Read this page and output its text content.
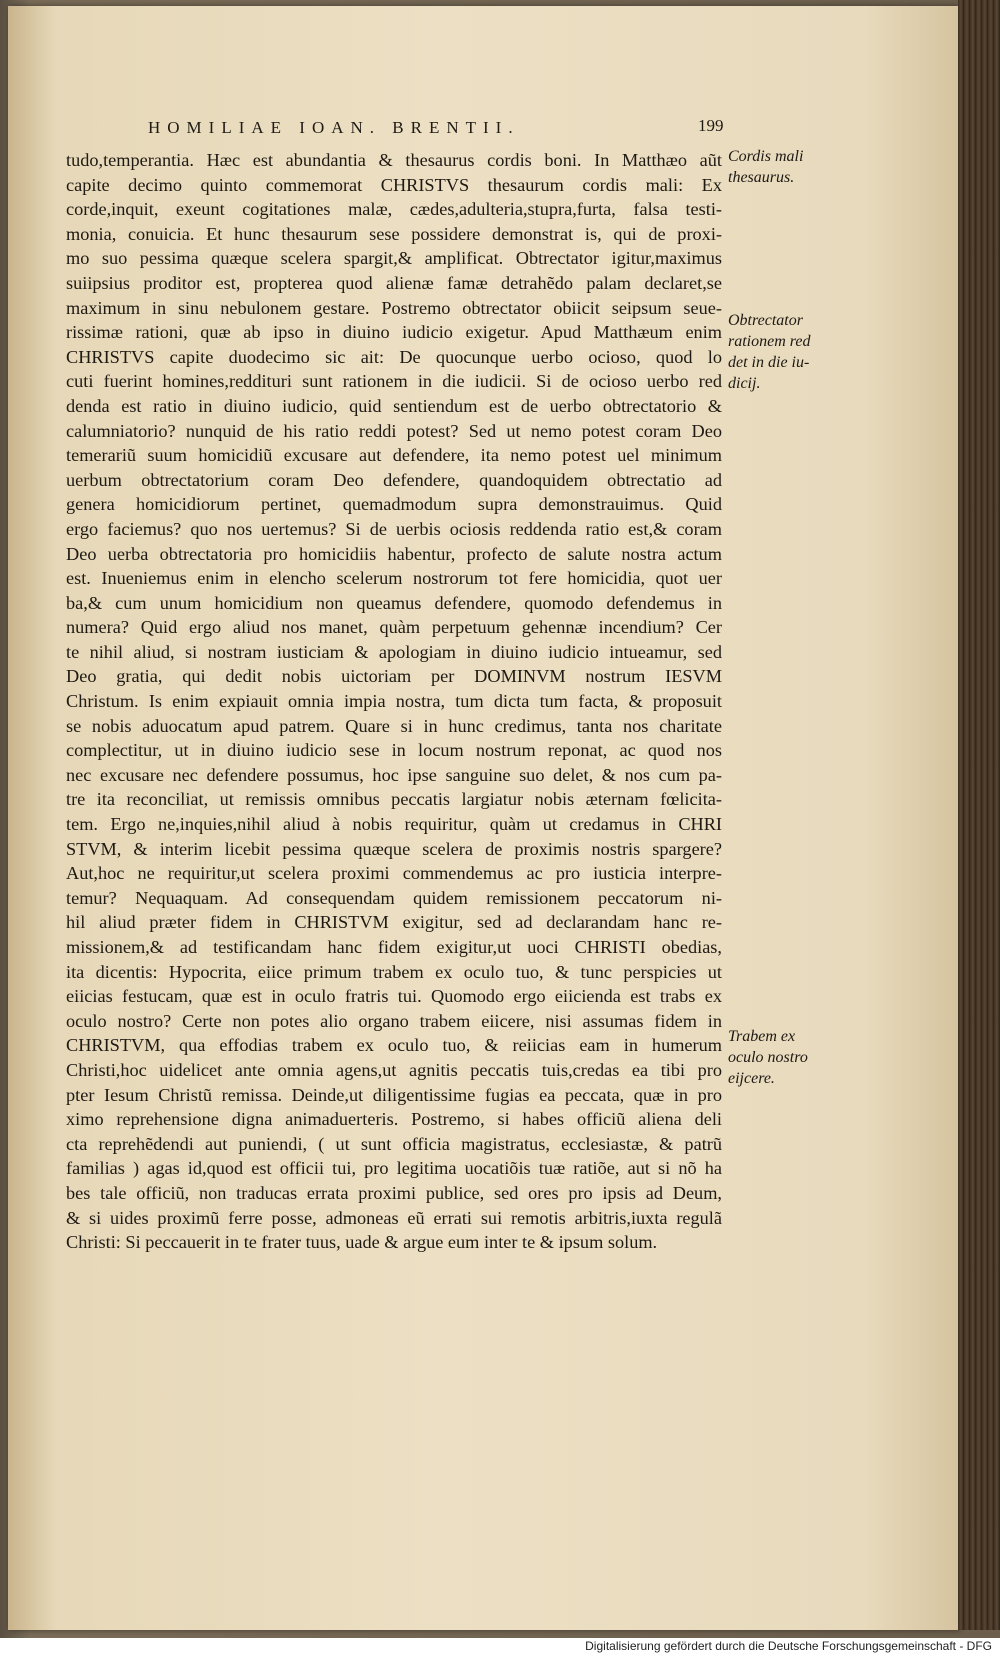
HOMILIAE IOAN. BRENTII.	199
tudo,temperantia. Hæc est abundantia & thesaurus cordis boni. In Matthæo aũt
capite decimo quinto commemorat CHRISTVS thesaurum cordis mali: Ex
corde,inquit, exeunt cogitationes malæ, cædes,adulteria,stupra,furta, falsa testi-
monia, conuicia. Et hunc thesaurum sese possidere demonstrat is, qui de proxi-
mo suo pessima quæque scelera spargit,& amplificat. Obtrectator igitur,maximus
suiipsius proditor est, propterea quod alienæ famæ detrahẽdo palam declaret,se
maximum in sinu nebulonem gestare. Postremo obtrectator obiicit seipsum seue-
rissimæ rationi, quæ ab ipso in diuino iudicio exigetur. Apud Matthæum enim
CHRISTVS capite duodecimo sic ait: De quocunque uerbo ocioso, quod lo
cuti fuerint homines,reddituri sunt rationem in die iudicii. Si de ocioso uerbo red
denda est ratio in diuino iudicio, quid sentiendum est de uerbo obtrectatorio &
calumniatorio? nunquid de his ratio reddi potest? Sed ut nemo potest coram Deo
temerariũ suum homicidiũ excusare aut defendere, ita nemo potest uel minimum
uerbum obtrectatorium coram Deo defendere, quandoquidem obtrectatio ad
genera homicidiorum pertinet, quemadmodum supra demonstrauimus. Quid
ergo faciemus? quo nos uertemus? Si de uerbis ociosis reddenda ratio est,& coram
Deo uerba obtrectatoria pro homicidiis habentur, profecto de salute nostra actum
est. Inueniemus enim in elencho scelerum nostrorum tot fere homicidia, quot uer
ba,& cum unum homicidium non queamus defendere, quomodo defendemus in
numera? Quid ergo aliud nos manet, quàm perpetuum gehennæ incendium? Cer
te nihil aliud, si nostram iusticiam & apologiam in diuino iudicio intueamur, sed
Deo gratia, qui dedit nobis uictoriam per DOMINVM nostrum IESVM
Christum. Is enim expiauit omnia impia nostra, tum dicta tum facta, & proposuit
se nobis aduocatum apud patrem. Quare si in hunc credimus, tanta nos charitate
complectitur, ut in diuino iudicio sese in locum nostrum reponat, ac quod nos
nec excusare nec defendere possumus, hoc ipse sanguine suo delet, & nos cum pa-
tre ita reconciliat, ut remissis omnibus peccatis largiatur nobis æternam fœlicita-
tem. Ergo ne,inquies,nihil aliud à nobis requiritur, quàm ut credamus in CHRI
STVM, & interim licebit pessima quæque scelera de proximis nostris spargere?
Aut,hoc ne requiritur,ut scelera proximi commendemus ac pro iusticia interpre-
temur? Nequaquam. Ad consequendam quidem remissionem peccatorum ni-
hil aliud præter fidem in CHRISTVM exigitur, sed ad declarandam hanc re-
missionem,& ad testificandam hanc fidem exigitur,ut uoci CHRISTI obedias,
ita dicentis: Hypocrita, eiice primum trabem ex oculo tuo, & tunc perspicies ut
eiicias festucam, quæ est in oculo fratris tui. Quomodo ergo eiicienda est trabs ex
oculo nostro? Certe non potes alio organo trabem eiicere, nisi assumas fidem in
CHRISTVM, qua effodias trabem ex oculo tuo, & reiicias eam in humerum
Christi,hoc uidelicet ante omnia agens,ut agnitis peccatis tuis,credas ea tibi pro
pter Iesum Christũ remissa. Deinde,ut diligentissime fugias ea peccata, quæ in pro
ximo reprehensione digna animaduerteris. Postremo, si habes officiũ aliena deli
cta reprehẽdendi aut puniendi, ( ut sunt officia magistratus, ecclesiastæ, & patrũ
familias ) agas id,quod est officii tui, pro legitima uocatiõis tuæ ratiõe, aut si nõ ha
bes tale officiũ, non traducas errata proximi publice, sed ores pro ipsis ad Deum,
& si uides proximũ ferre posse, admoneas eũ errati sui remotis arbitris,iuxta regulã
Christi: Si peccauerit in te frater tuus, uade & argue eum inter te & ipsum solum.
Cordis mali
thesaurus.
Obtrectator
rationem red
det in die iu-
dicij.
Trabem ex
oculo nostro
eijcere.
Digitalisierung gefördert durch die Deutsche Forschungsgemeinschaft - DFG
